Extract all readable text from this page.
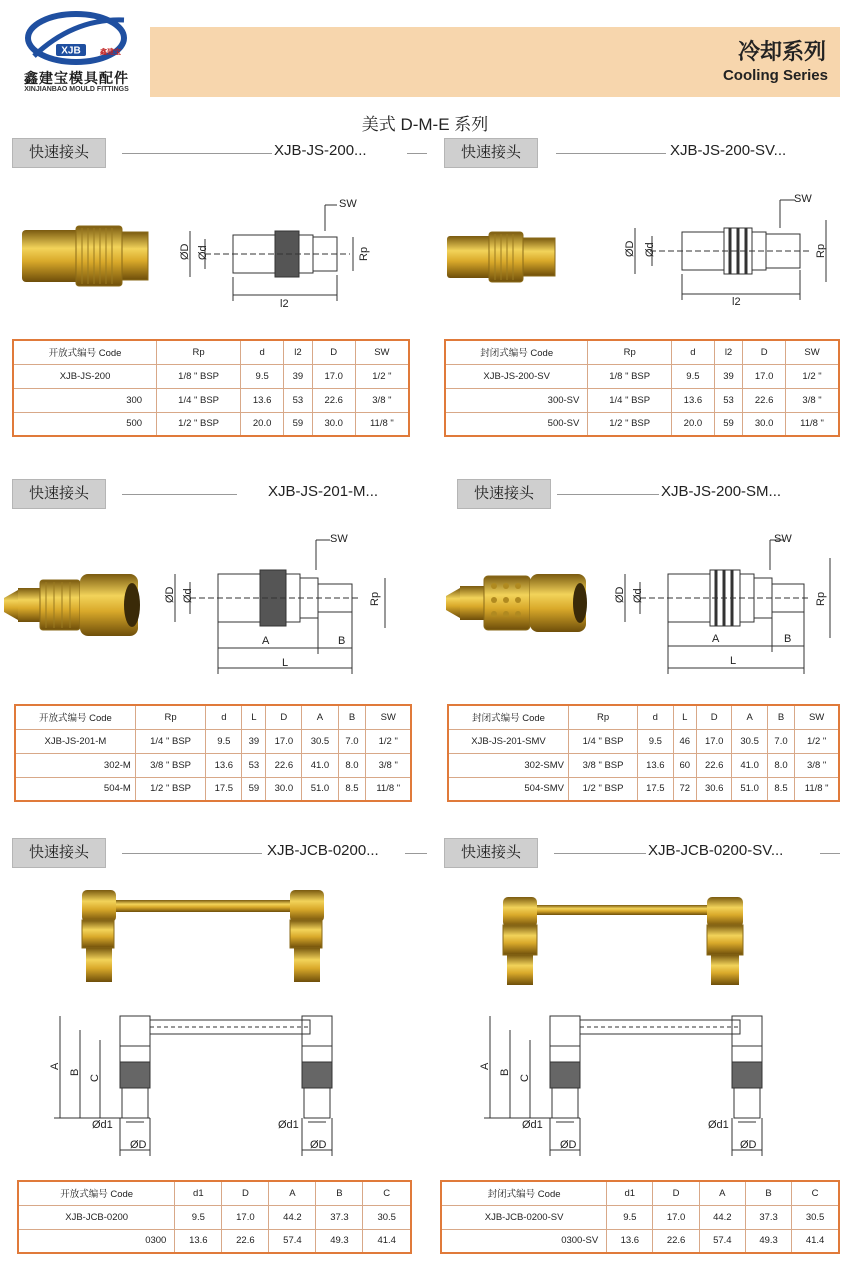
XJB	鑫建宝
鑫建宝模具配件
XINJIANBAO MOULD FITTINGS
冷却系列
Cooling Series
美式 D-M-E 系列
快速接头	XJB-JS-200...
ØD Ød
l2
Rp
SW
开放式编号 Code	Rp	d	l2	D	SW
XJB-JS-200	1/8 " BSP	9.5	39	17.0	1/2 "
300	1/4 " BSP	13.6	53	22.6	3/8 "
500	1/2 " BSP	20.0	59	30.0	11/8 "
快速接头	XJB-JS-200-SV...
ØD Ød
l2
Rp
SW
封闭式编号 Code	Rp	d	l2	D	SW
XJB-JS-200-SV	1/8 " BSP	9.5	39	17.0	1/2 "
300-SV	1/4 " BSP	13.6	53	22.6	3/8 "
500-SV	1/2 " BSP	20.0	59	30.0	11/8 "
快速接头	XJB-JS-201-M...
ØD Ød
A	B
L
Rp
SW
开放式编号 Code	Rp	d	L	D	A	B	SW
XJB-JS-201-M	1/4 " BSP	9.5	39	17.0	30.5	7.0	1/2 "
302-M	3/8 " BSP	13.6	53	22.6	41.0	8.0	3/8 "
504-M	1/2 " BSP	17.5	59	30.0	51.0	8.5	11/8 "
快速接头	XJB-JS-200-SM...
ØD Ød
A	B
L
Rp
SW
封闭式编号 Code	Rp	d	L	D	A	B	SW
XJB-JS-201-SMV	1/4 " BSP	9.5	46	17.0	30.5	7.0	1/2 "
302-SMV	3/8 " BSP	13.6	60	22.6	41.0	8.0	3/8 "
504-SMV	1/2 " BSP	17.5	72	30.6	51.0	8.5	11/8 "
快速接头	XJB-JCB-0200...
A
B
C
Ød1
ØD
Ød1
ØD
开放式编号 Code	d1	D	A	B	C
XJB-JCB-0200	9.5	17.0	44.2	37.3	30.5
0300	13.6	22.6	57.4	49.3	41.4
快速接头	XJB-JCB-0200-SV...
A
B
C
Ød1
ØD
Ød1
ØD
封闭式编号 Code	d1	D	A	B	C
XJB-JCB-0200-SV	9.5	17.0	44.2	37.3	30.5
0300-SV	13.6	22.6	57.4	49.3	41.4
